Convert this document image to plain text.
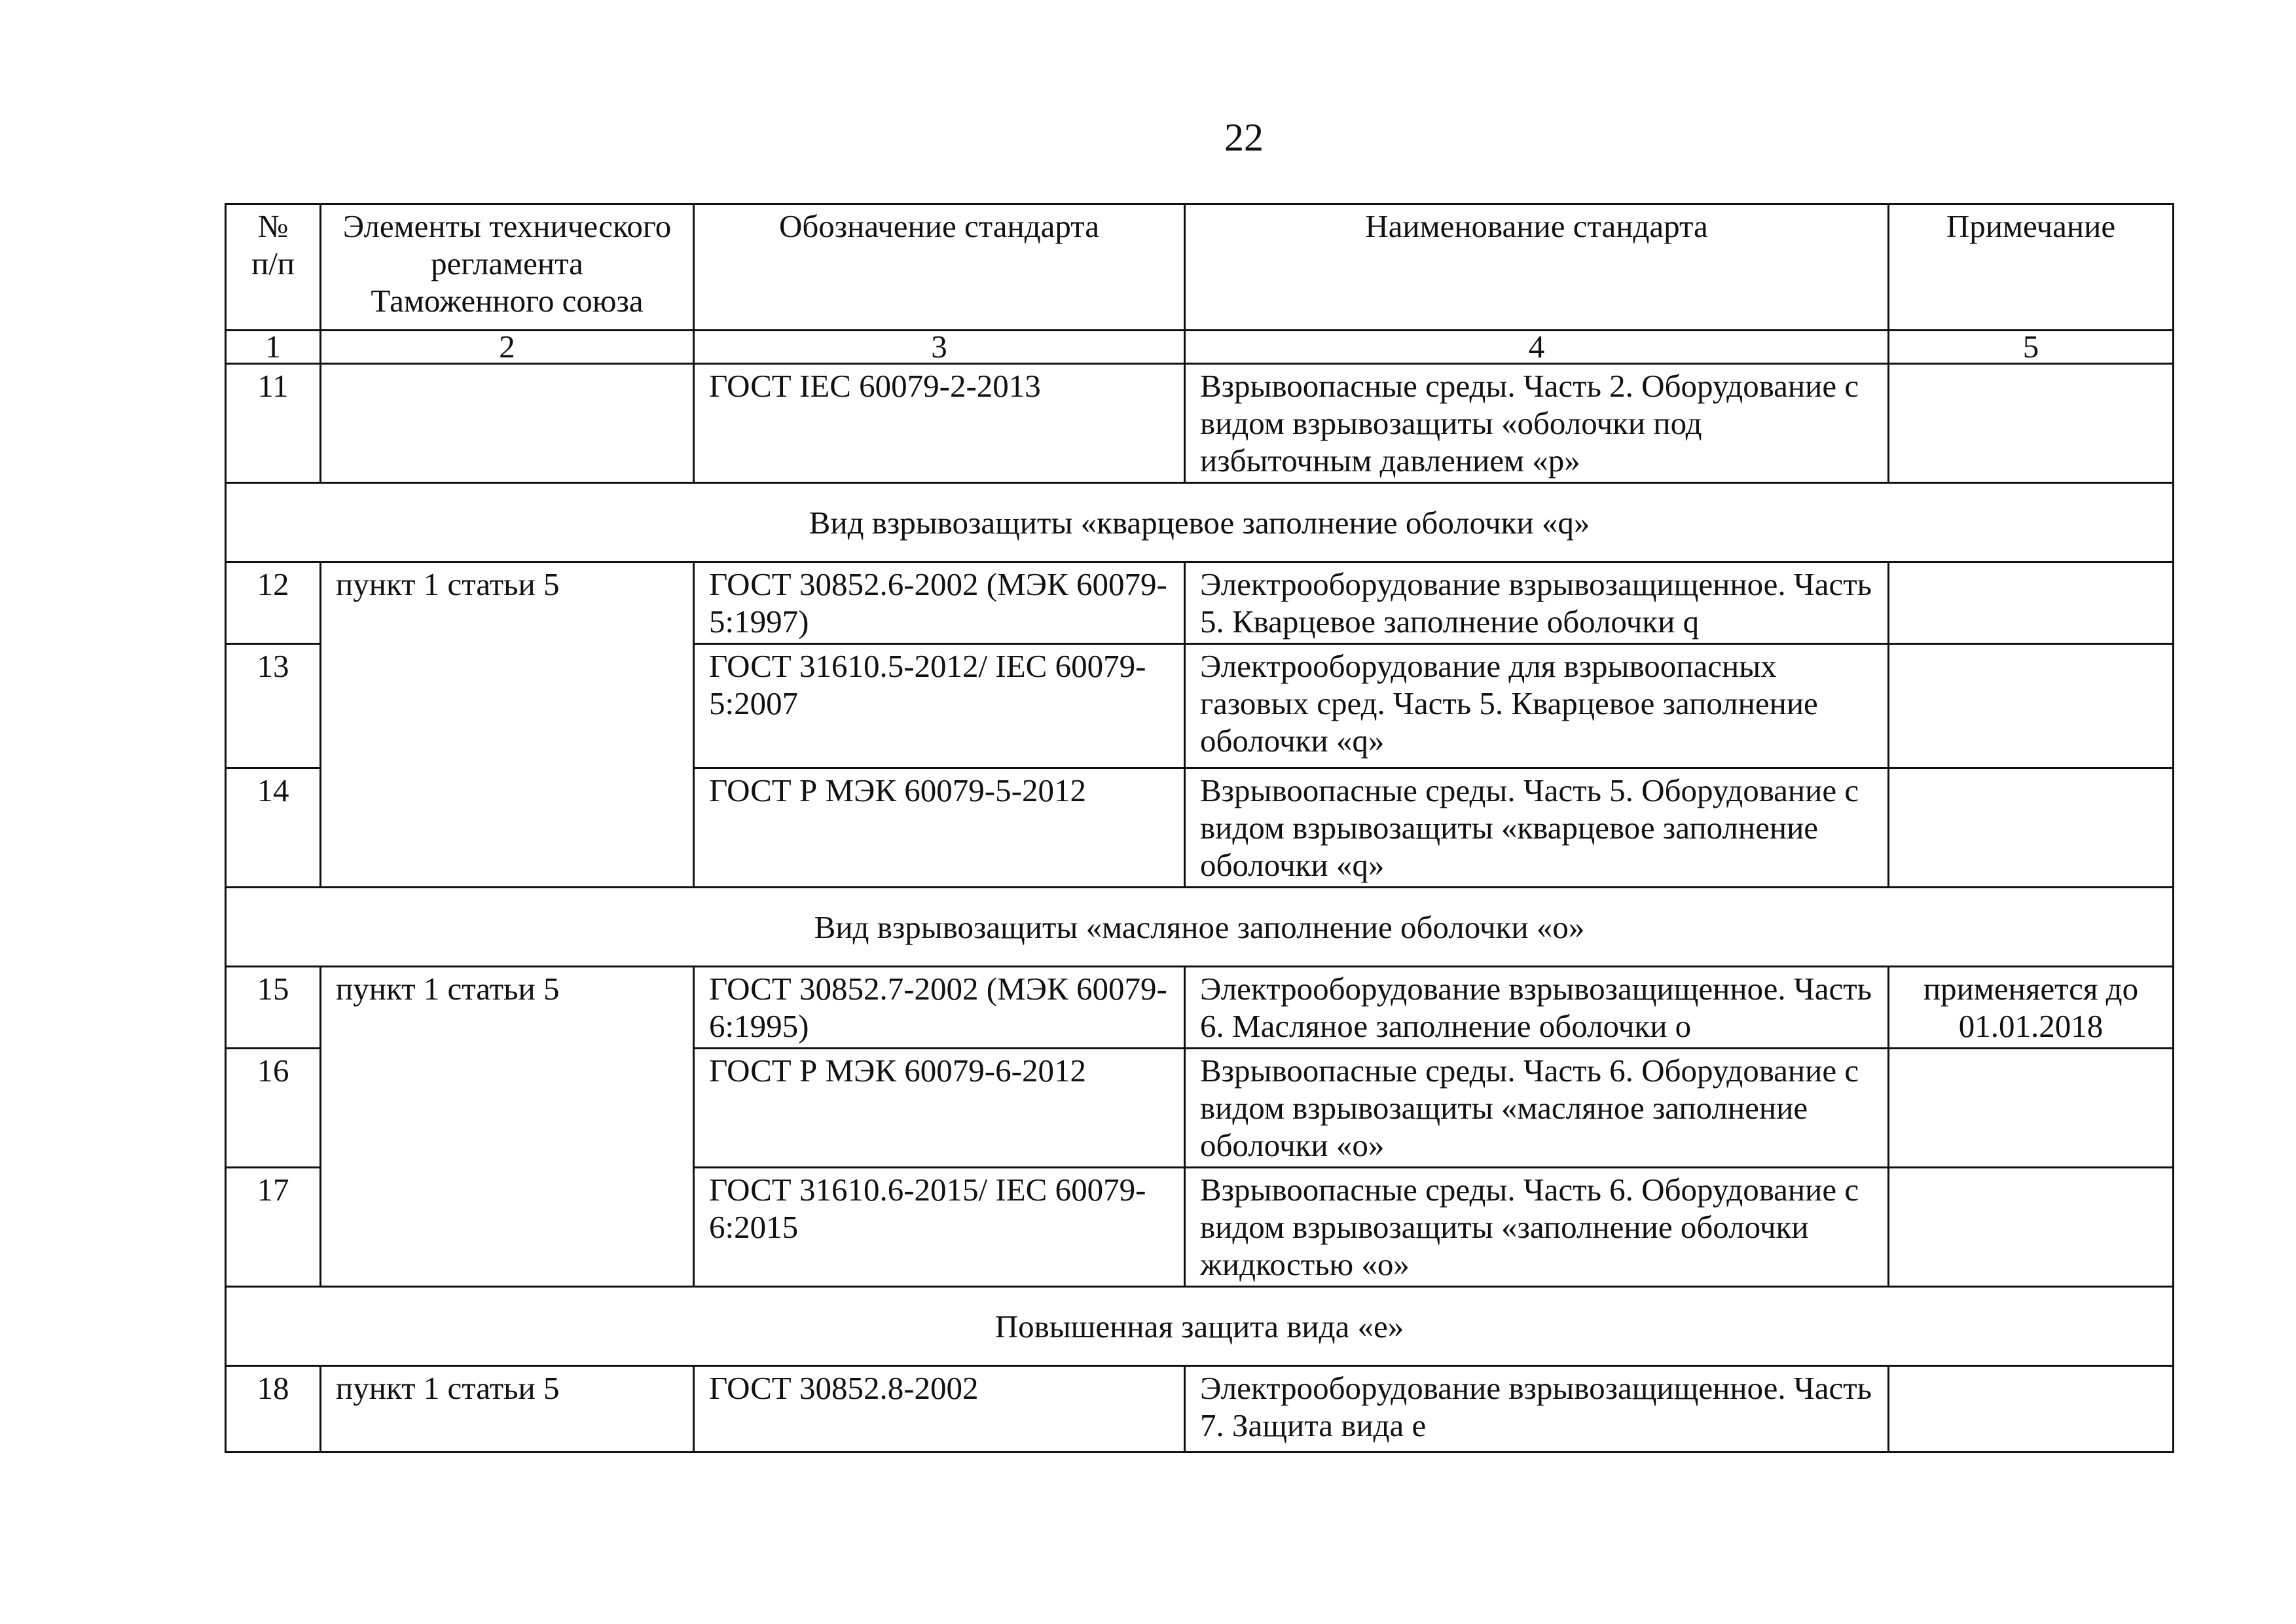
22
№ п/п	Элементы технического регламента Таможенного союза	Обозначение стандарта	Наименование стандарта	Примечание
1	2	3	4	5
11		ГОСТ IEC 60079-2-2013	Взрывоопасные среды. Часть 2. Оборудование с видом взрывозащиты «оболочки под избыточным давлением «р»	
Вид взрывозащиты «кварцевое заполнение оболочки «q»				
12	пункт 1 статьи 5	ГОСТ 30852.6-2002 (МЭК 60079-5:1997)	Электрооборудование взрывозащищенное. Часть 5. Кварцевое заполнение оболочки q	
13		ГОСТ 31610.5-2012/ IEC 60079-5:2007	Электрооборудование для взрывоопасных газовых сред. Часть 5. Кварцевое заполнение оболочки «q»	
14		ГОСТ Р МЭК 60079-5-2012	Взрывоопасные среды. Часть 5. Оборудование с видом взрывозащиты «кварцевое заполнение оболочки «q»	
Вид взрывозащиты «масляное заполнение оболочки «о»				
15	пункт 1 статьи 5	ГОСТ 30852.7-2002 (МЭК 60079-6:1995)	Электрооборудование взрывозащищенное. Часть 6. Масляное заполнение оболочки о	применяется до 01.01.2018
16		ГОСТ Р МЭК 60079-6-2012	Взрывоопасные среды. Часть 6. Оборудование с видом взрывозащиты «масляное заполнение оболочки «о»	
17		ГОСТ 31610.6-2015/ IEC 60079-6:2015	Взрывоопасные среды. Часть 6. Оборудование с видом взрывозащиты «заполнение оболочки жидкостью «о»	
Повышенная защита вида «е»				
18	пункт 1 статьи 5	ГОСТ 30852.8-2002	Электрооборудование взрывозащищенное. Часть 7. Защита вида е	
